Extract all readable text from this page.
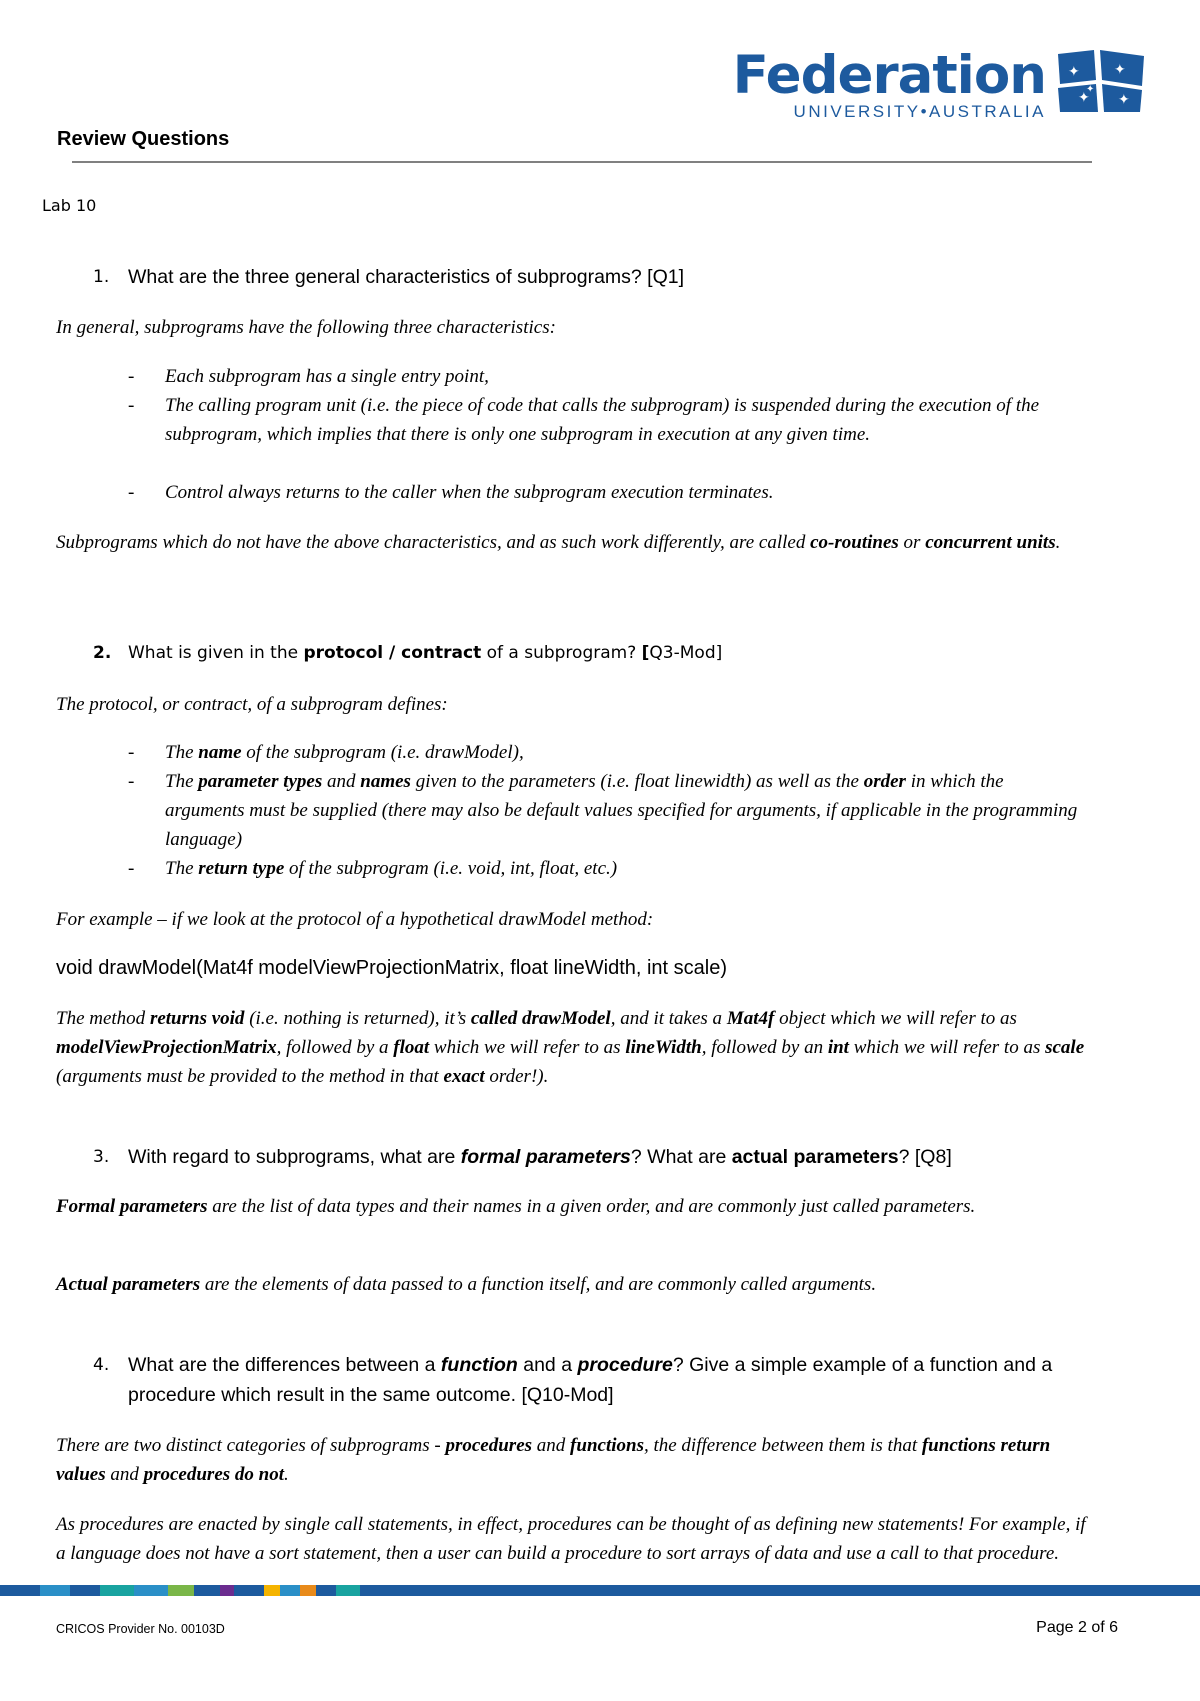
Federation
UNIVERSITY•AUSTRALIA
✦
✦
✦
✦
✦
Review Questions
Lab 10
1. What are the three general characteristics of subprograms? [Q1]

In general, subprograms have the following three characteristics:

- Each subprogram has a single entry point,
- The calling program unit (i.e. the piece of code that calls the subprogram) is suspended during the execution of the subprogram, which implies that there is only one subprogram in execution at any given time.
- Control always returns to the caller when the subprogram execution terminates.

Subprograms which do not have the above characteristics, and as such work differently, are called co-routines or concurrent units.

2. What is given in the protocol / contract of a subprogram? [Q3-Mod]

The protocol, or contract, of a subprogram defines:

- The name of the subprogram (i.e. drawModel),
- The parameter types and names given to the parameters (i.e. float linewidth) as well as the order in which the arguments must be supplied (there may also be default values specified for arguments, if applicable in the programming language)
- The return type of the subprogram (i.e. void, int, float, etc.)

For example – if we look at the protocol of a hypothetical drawModel method:

void drawModel(Mat4f modelViewProjectionMatrix, float lineWidth, int scale)

The method returns void (i.e. nothing is returned), it’s called drawModel, and it takes a Mat4f object which we will refer to as modelViewProjectionMatrix, followed by a float which we will refer to as lineWidth, followed by an int which we will refer to as scale (arguments must be provided to the method in that exact order!).

3. With regard to subprograms, what are formal parameters? What are actual parameters? [Q8]

Formal parameters are the list of data types and their names in a given order, and are commonly just called parameters.

Actual parameters are the elements of data passed to a function itself, and are commonly called arguments.

4. What are the differences between a function and a procedure? Give a simple example of a function and a procedure which result in the same outcome. [Q10-Mod]

There are two distinct categories of subprograms - procedures and functions, the difference between them is that functions return values and procedures do not.

As procedures are enacted by single call statements, in effect, procedures can be thought of as defining new statements! For example, if a language does not have a sort statement, then a user can build a procedure to sort arrays of data and use a call to that procedure.

CRICOS Provider No. 00103D	Page 2 of 6
